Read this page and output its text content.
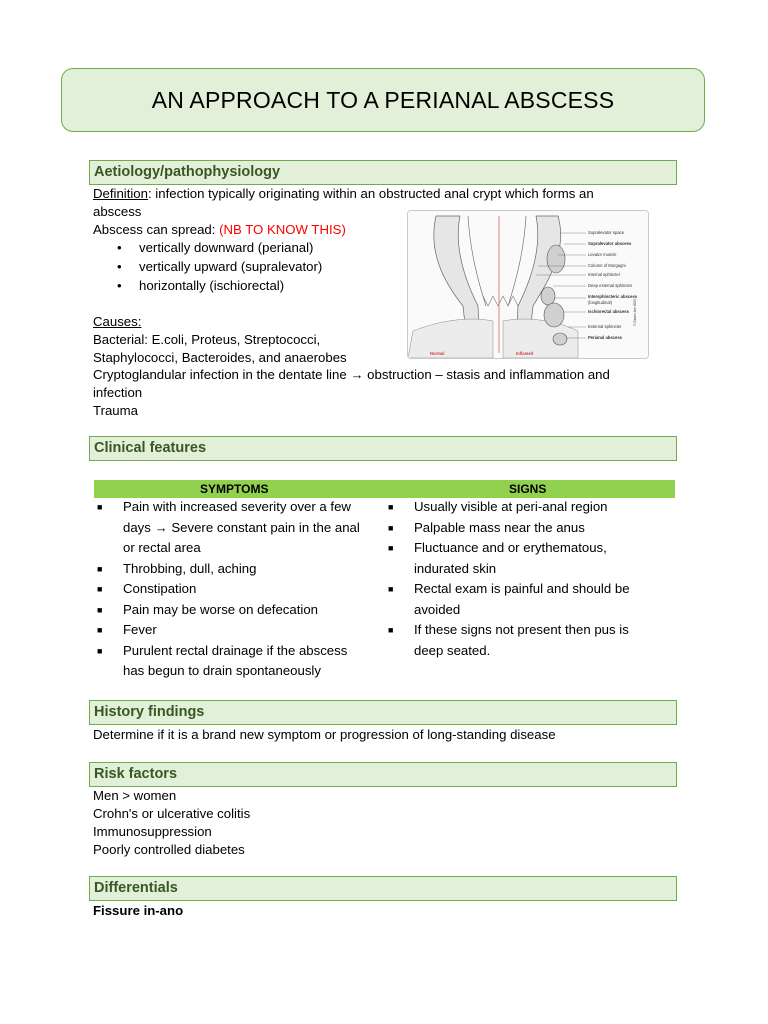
AN APPROACH TO A PERIANAL ABSCESS
Aetiology/pathophysiology
Definition: infection typically originating within an obstructed anal crypt which forms an
abscess
Abscess can spread: (NB TO KNOW THIS)
• vertically downward (perianal)
• vertically upward (supralevator)
• horizontally (ischiorectal)
Causes:
Bacterial: E.coli, Proteus, Streptococci,
Staphylococci, Bacteroides, and anaerobes
Cryptoglandular infection in the dentate line → obstruction – stasis and inflammation and
infection
Trauma
Supralevator space
Supralevator abscess
Levator muscle
Column of Morgagni
Internal sphincter
Deep external sphincter
Intersphincteric abscess
(longitudinal)
Ischiorectal abscess
External sphincter
Perianal abscess
Normal	Inflamed
© Gastro-line 2003
Clinical features
SYMPTOMS	SIGNS
■ Pain with increased severity over a few
days → Severe constant pain in the anal
or rectal area
■ Throbbing, dull, aching
■ Constipation
■ Pain may be worse on defecation
■ Fever
■ Purulent rectal drainage if the abscess
has begun to drain spontaneously
■ Usually visible at peri-anal region
■ Palpable mass near the anus
■ Fluctuance and or erythematous,
indurated skin
■ Rectal exam is painful and should be
avoided
■ If these signs not present then pus is
deep seated.
History findings
Determine if it is a brand new symptom or progression of long-standing disease
Risk factors
Men > women
Crohn's or ulcerative colitis
Immunosuppression
Poorly controlled diabetes
Differentials
Fissure in-ano
